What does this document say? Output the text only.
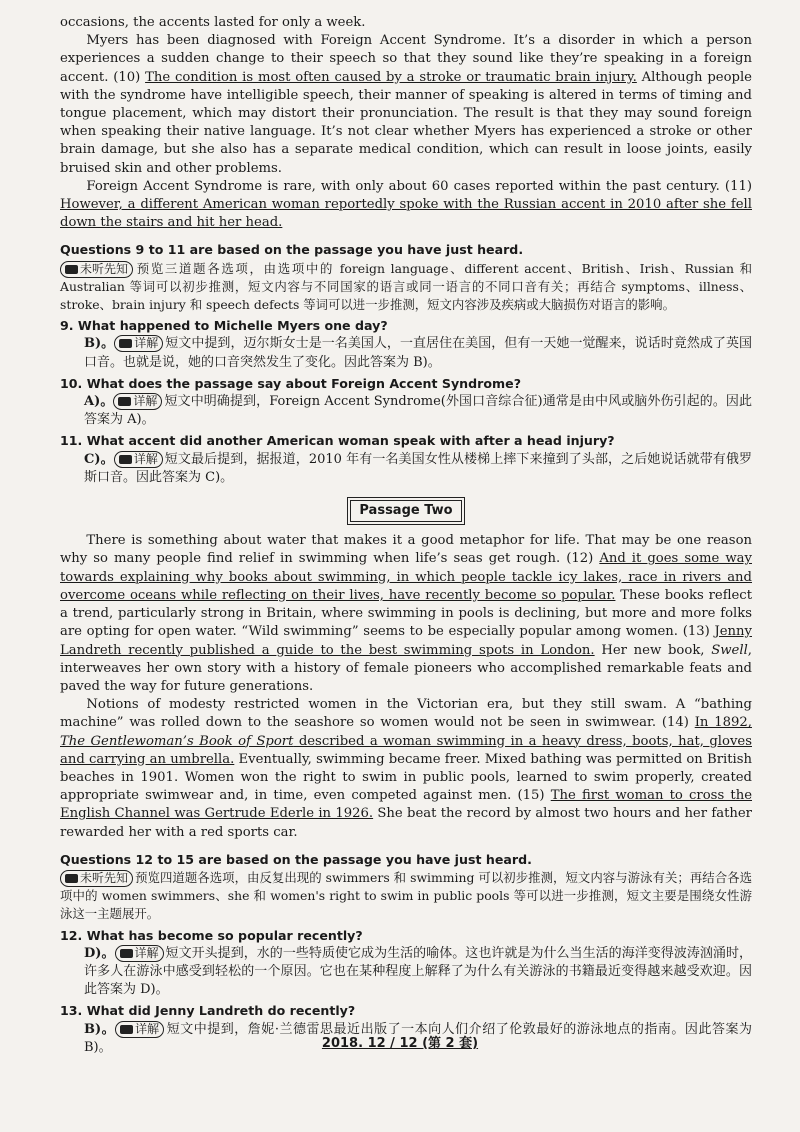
occasions, the accents lasted for only a week.

Myers has been diagnosed with Foreign Accent Syndrome. It’s a disorder in which a person experiences a sudden change to their speech so that they sound like they’re speaking in a foreign accent. (10) The condition is most often caused by a stroke or traumatic brain injury. Although people with the syndrome have intelligible speech, their manner of speaking is altered in terms of timing and tongue placement, which may distort their pronunciation. The result is that they may sound foreign when speaking their native language. It’s not clear whether Myers has experienced a stroke or other brain damage, but she also has a separate medical condition, which can result in loose joints, easily bruised skin and other problems.

Foreign Accent Syndrome is rare, with only about 60 cases reported within the past century. (11) However, a different American woman reportedly spoke with the Russian accent in 2010 after she fell down the stairs and hit her head.

Questions 9 to 11 are based on the passage you have just heard.

未听先知 预览三道题各选项，由选项中的 foreign language、different accent、British、Irish、Russian 和 Australian 等词可以初步推测，短文内容与不同国家的语言或同一语言的不同口音有关；再结合 symptoms、illness、stroke、brain injury 和 speech defects 等词可以进一步推测，短文内容涉及疾病或大脑损伤对语言的影响。

9. What happened to Michelle Myers one day?

B)。 详解 短文中提到，迈尔斯女士是一名美国人，一直居住在美国，但有一天她一觉醒来，说话时竟然成了英国口音。也就是说，她的口音突然发生了变化。因此答案为 B)。

10. What does the passage say about Foreign Accent Syndrome?

A)。 详解 短文中明确提到，Foreign Accent Syndrome(外国口音综合征)通常是由中风或脑外伤引起的。因此答案为 A)。

11. What accent did another American woman speak with after a head injury?

C)。 详解 短文最后提到，据报道，2010 年有一名美国女性从楼梯上摔下来撞到了头部，之后她说话就带有俄罗斯口音。因此答案为 C)。

Passage Two

There is something about water that makes it a good metaphor for life. That may be one reason why so many people find relief in swimming when life’s seas get rough. (12) And it goes some way towards explaining why books about swimming, in which people tackle icy lakes, race in rivers and overcome oceans while reflecting on their lives, have recently become so popular. These books reflect a trend, particularly strong in Britain, where swimming in pools is declining, but more and more folks are opting for open water. “Wild swimming” seems to be especially popular among women. (13) Jenny Landreth recently published a guide to the best swimming spots in London. Her new book, Swell, interweaves her own story with a history of female pioneers who accomplished remarkable feats and paved the way for future generations.

Notions of modesty restricted women in the Victorian era, but they still swam. A “bathing machine” was rolled down to the seashore so women would not be seen in swimwear. (14) In 1892, The Gentlewoman’s Book of Sport described a woman swimming in a heavy dress, boots, hat, gloves and carrying an umbrella. Eventually, swimming became freer. Mixed bathing was permitted on British beaches in 1901. Women won the right to swim in public pools, learned to swim properly, created appropriate swimwear and, in time, even competed against men. (15) The first woman to cross the English Channel was Gertrude Ederle in 1926. She beat the record by almost two hours and her father rewarded her with a red sports car.

Questions 12 to 15 are based on the passage you have just heard.

未听先知 预览四道题各选项，由反复出现的 swimmers 和 swimming 可以初步推测，短文内容与游泳有关；再结合各选项中的 women swimmers、she 和 women's right to swim in public pools 等可以进一步推测，短文主要是围绕女性游泳这一主题展开。

12. What has become so popular recently?

D)。 详解 短文开头提到，水的一些特质使它成为生活的喻体。这也许就是为什么当生活的海洋变得波涛汹涌时，许多人在游泳中感受到轻松的一个原因。它也在某种程度上解释了为什么有关游泳的书籍最近变得越来越受欢迎。因此答案为 D)。

13. What did Jenny Landreth do recently?

B)。 详解 短文中提到，詹妮·兰德雷思最近出版了一本向人们介绍了伦敦最好的游泳地点的指南。因此答案为 B)。	2018. 12 / 12 (第 2 套)
